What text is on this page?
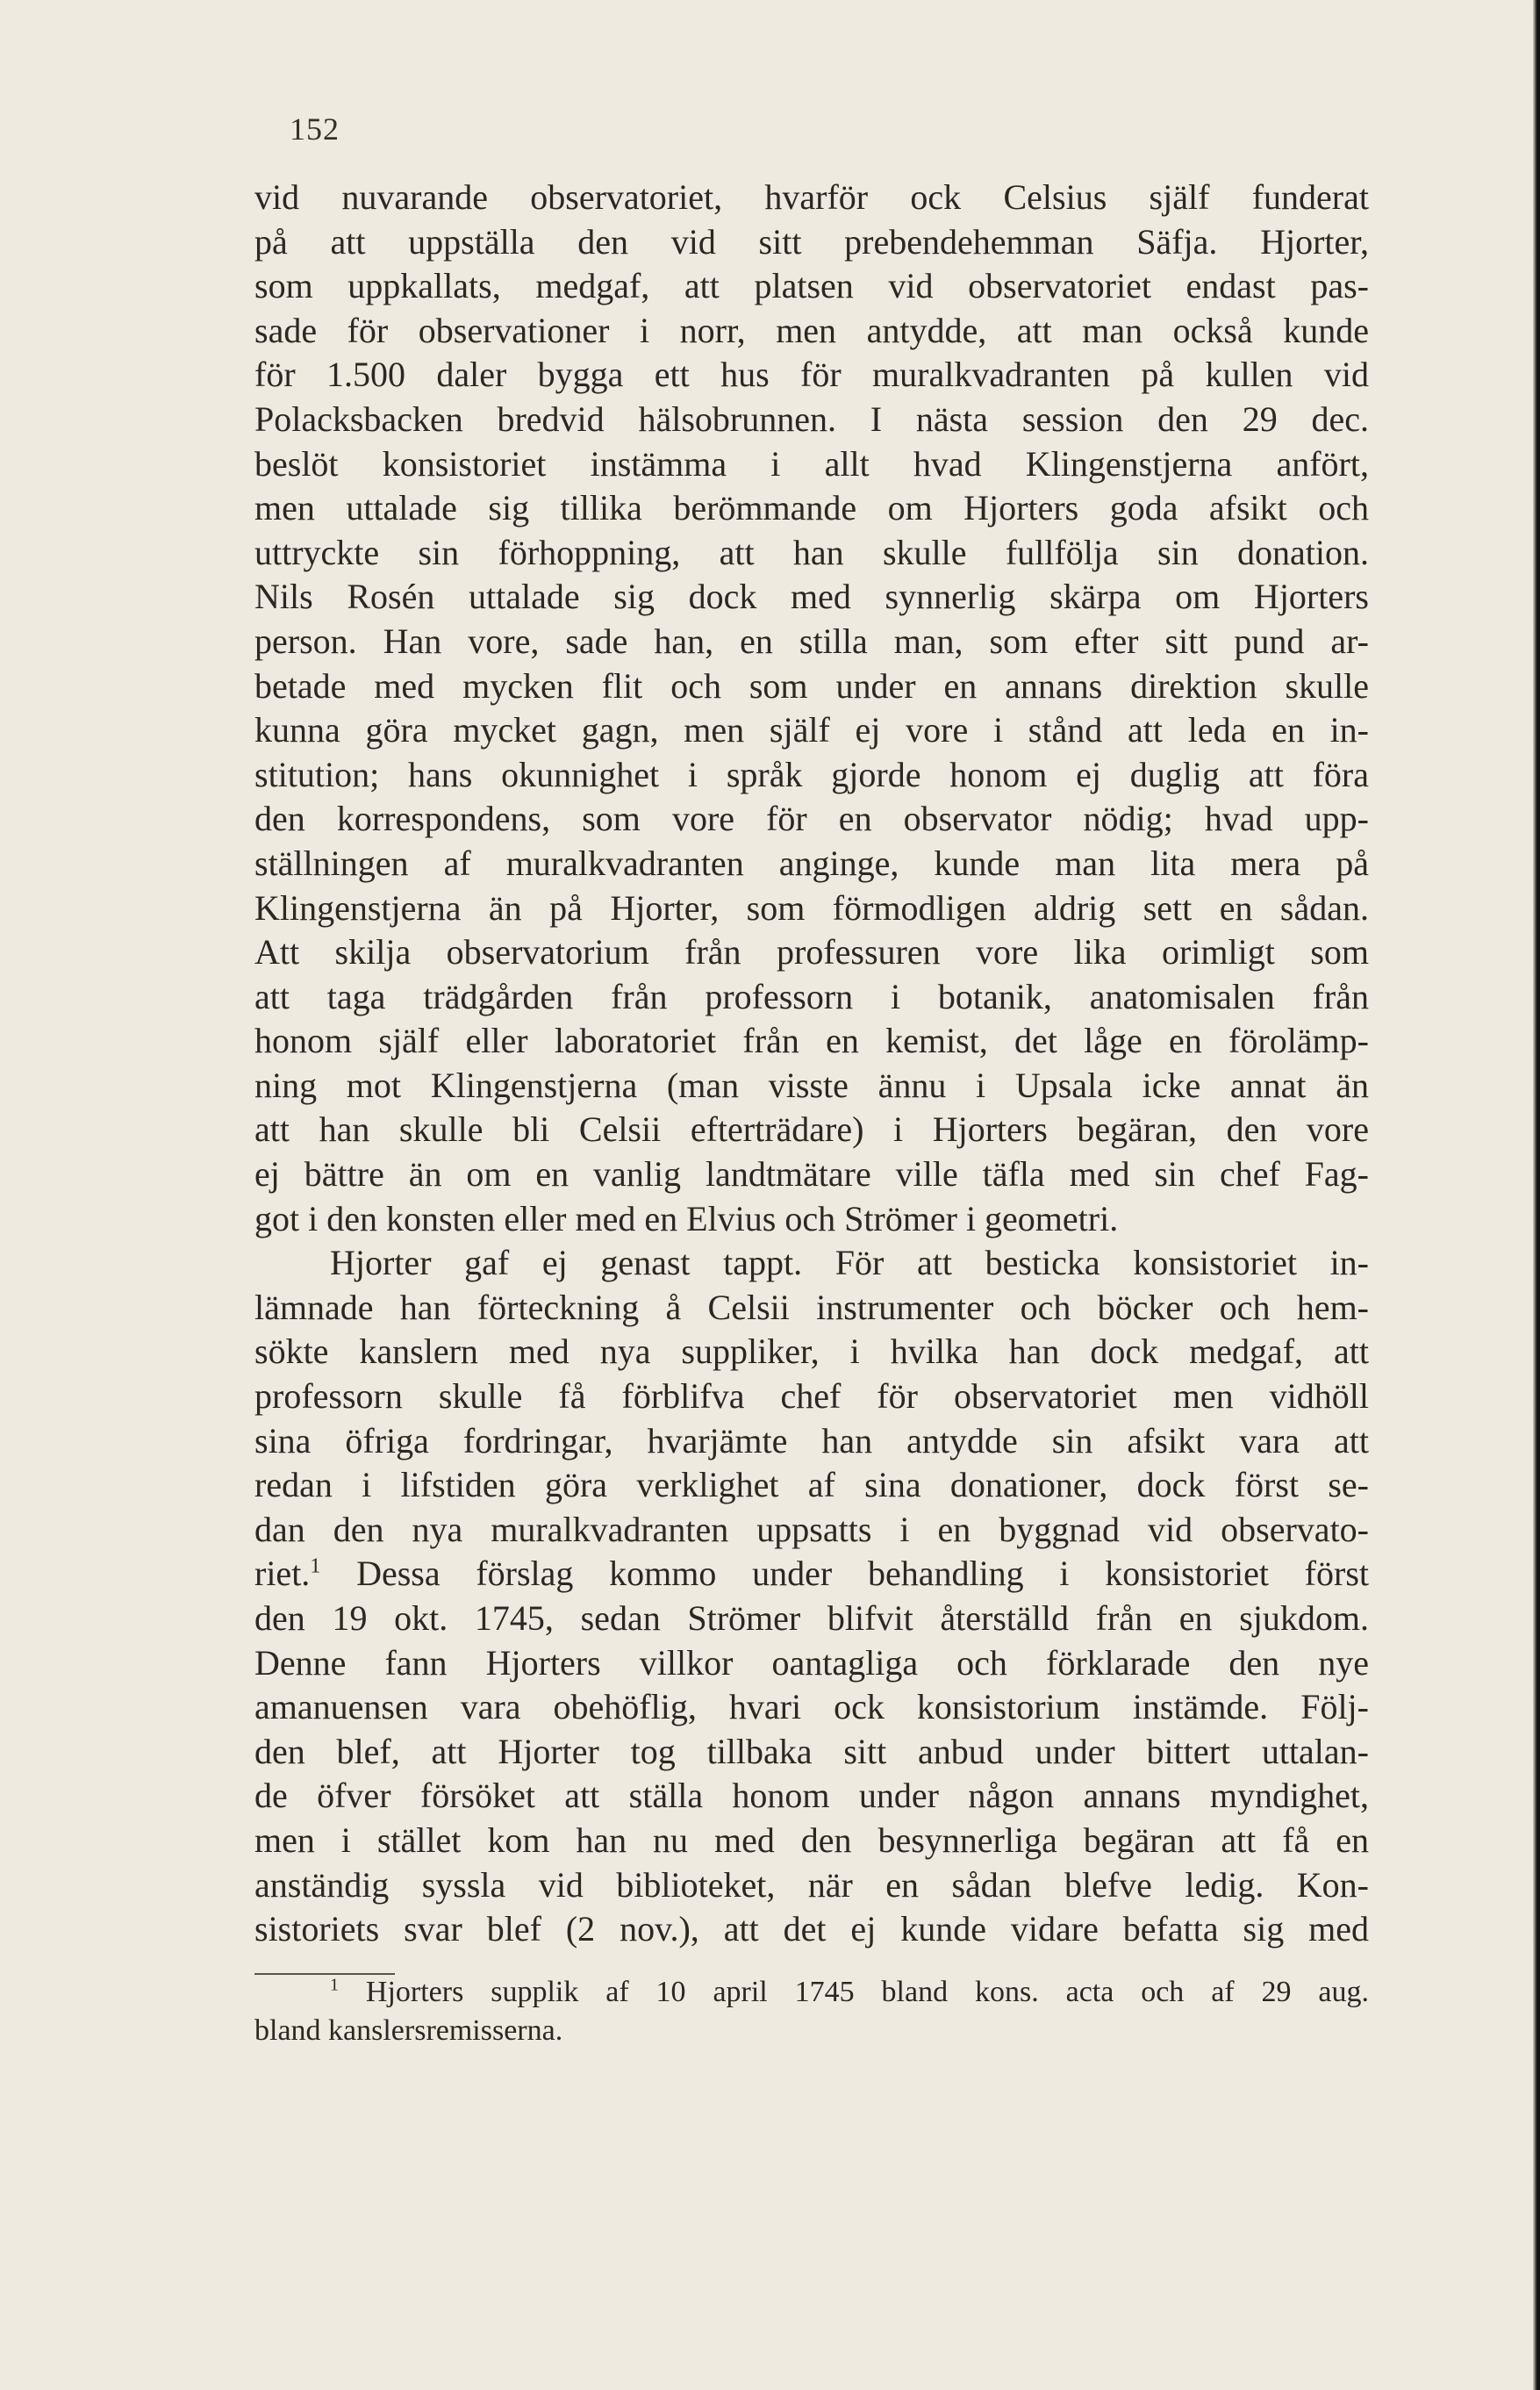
152
vid nuvarande observatoriet, hvarför ock Celsius själf funderat
på att uppställa den vid sitt prebendehemman Säfja. Hjorter,
som uppkallats, medgaf, att platsen vid observatoriet endast pas-
sade för observationer i norr, men antydde, att man också kunde
för 1.500 daler bygga ett hus för muralkvadranten på kullen vid
Polacksbacken bredvid hälsobrunnen. I nästa session den 29 dec.
beslöt konsistoriet instämma i allt hvad Klingenstjerna anfört,
men uttalade sig tillika berömmande om Hjorters goda afsikt och
uttryckte sin förhoppning, att han skulle fullfölja sin donation.
Nils Rosén uttalade sig dock med synnerlig skärpa om Hjorters
person. Han vore, sade han, en stilla man, som efter sitt pund ar-
betade med mycken flit och som under en annans direktion skulle
kunna göra mycket gagn, men själf ej vore i stånd att leda en in-
stitution; hans okunnighet i språk gjorde honom ej duglig att föra
den korrespondens, som vore för en observator nödig; hvad upp-
ställningen af muralkvadranten anginge, kunde man lita mera på
Klingenstjerna än på Hjorter, som förmodligen aldrig sett en sådan.
Att skilja observatorium från professuren vore lika orimligt som
att taga trädgården från professorn i botanik, anatomisalen från
honom själf eller laboratoriet från en kemist, det låge en förolämp-
ning mot Klingenstjerna (man visste ännu i Upsala icke annat än
att han skulle bli Celsii efterträdare) i Hjorters begäran, den vore
ej bättre än om en vanlig landtmätare ville täfla med sin chef Fag-
got i den konsten eller med en Elvius och Strömer i geometri.
Hjorter gaf ej genast tappt. För att besticka konsistoriet in-
lämnade han förteckning å Celsii instrumenter och böcker och hem-
sökte kanslern med nya suppliker, i hvilka han dock medgaf, att
professorn skulle få förblifva chef för observatoriet men vidhöll
sina öfriga fordringar, hvarjämte han antydde sin afsikt vara att
redan i lifstiden göra verklighet af sina donationer, dock först se-
dan den nya muralkvadranten uppsatts i en byggnad vid observato-
riet.$^1$ Dessa förslag kommo under behandling i konsistoriet först
den 19 okt. 1745, sedan Strömer blifvit återställd från en sjukdom.
Denne fann Hjorters villkor oantagliga och förklarade den nye
amanuensen vara obehöflig, hvari ock konsistorium instämde. Följ-
den blef, att Hjorter tog tillbaka sitt anbud under bittert uttalan-
de öfver försöket att ställa honom under någon annans myndighet,
men i stället kom han nu med den besynnerliga begäran att få en
anständig syssla vid biblioteket, när en sådan blefve ledig. Kon-
sistoriets svar blef (2 nov.), att det ej kunde vidare befatta sig med
$^1$ Hjorters supplik af 10 april 1745 bland kons. acta och af 29 aug.
bland kanslersremisserna.
